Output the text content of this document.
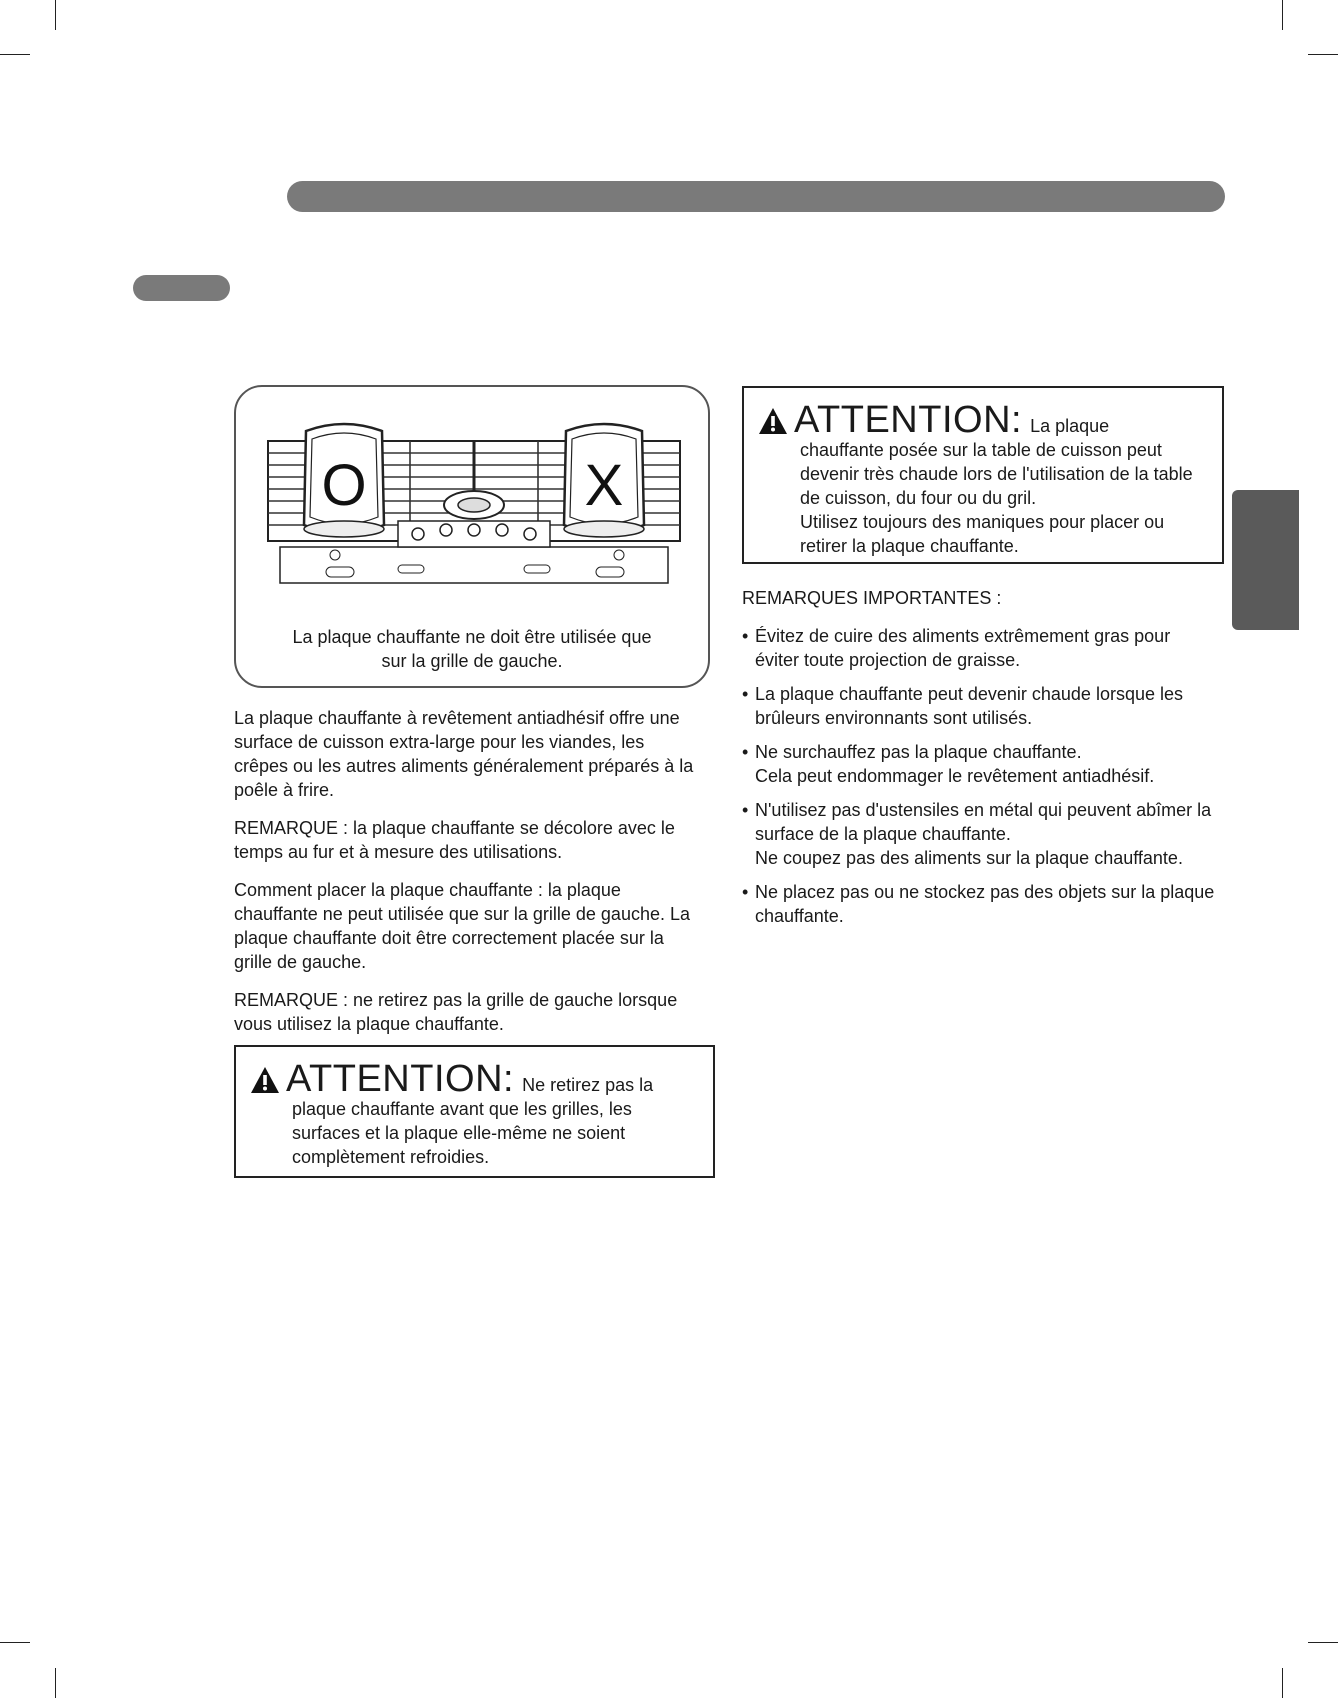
O	X
La plaque chauffante ne doit être utilisée que
sur la grille de gauche.

La plaque chauffante à revêtement antiadhésif offre une surface de cuisson extra-large pour les viandes, les crêpes ou les autres aliments généralement préparés à la poêle à frire.

REMARQUE : la plaque chauffante se décolore avec le temps au fur et à mesure des utilisations.

Comment placer la plaque chauffante : la plaque chauffante ne peut utilisée que sur la grille de gauche. La plaque chauffante doit être correctement placée sur la grille de gauche.

REMARQUE : ne retirez pas la grille de gauche lorsque vous utilisez la plaque chauffante.

ATTENTION: Ne retirez pas la
plaque chauffante avant que les grilles, les surfaces et la plaque elle-même ne soient complètement refroidies.
ATTENTION: La plaque
chauffante posée sur la table de cuisson peut devenir très chaude lors de l'utilisation de la table de cuisson, du four ou du gril.
Utilisez toujours des maniques pour placer ou retirer la plaque chauffante.
REMARQUES IMPORTANTES :
• Évitez de cuire des aliments extrêmement gras pour éviter toute projection de graisse.
• La plaque chauffante peut devenir chaude lorsque les brûleurs environnants sont utilisés.
• Ne surchauffez pas la plaque chauffante.
Cela peut endommager le revêtement antiadhésif.
• N'utilisez pas d'ustensiles en métal qui peuvent abîmer la surface de la plaque chauffante.
Ne coupez pas des aliments sur la plaque chauffante.
• Ne placez pas ou ne stockez pas des objets sur la plaque chauffante.
